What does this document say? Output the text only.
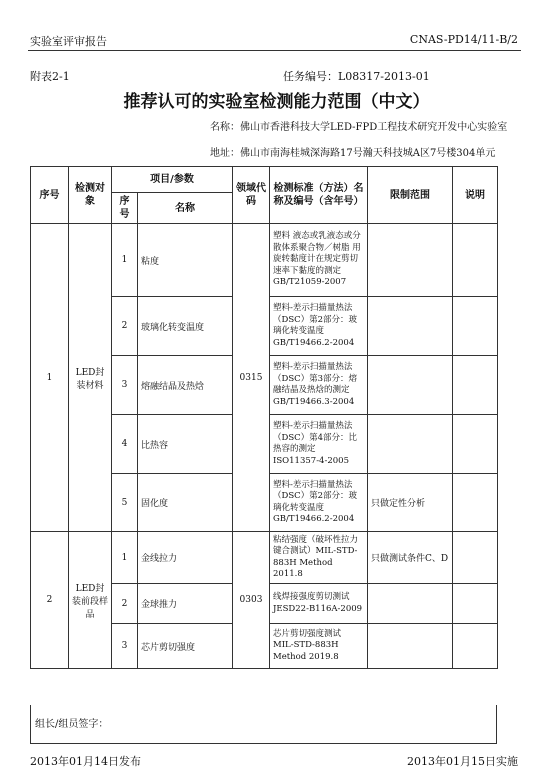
实验室评审报告	CNAS-PD14/11-B/2
附表2-1	任务编号：L08317-2013-01
推荐认可的实验室检测能力范围（中文）
名称：佛山市香港科技大学LED-FPD工程技术研究开发中心实验室
地址：佛山市南海桂城深海路17号瀚天科技城A区7号楼304单元
序号	检测对象	项目/参数		领域代码	检测标准（方法）名称及编号（含年号）	限制范围	说明
		序号	名称				
1	LED封装材料	1	粘度	0315	塑料 液态或乳液态或分散体系聚合物／树脂 用旋转黏度计在规定剪切速率下黏度的测定 GB/T21059-2007		
		2	玻璃化转变温度		塑料-差示扫描量热法（DSC）第2部分：玻璃化转变温度 GB/T19466.2-2004		
		3	熔融结晶及热焓		塑料-差示扫描量热法（DSC）第3部分：熔融结晶及热焓的测定 GB/T19466.3-2004		
		4	比热容		塑料-差示扫描量热法（DSC）第4部分：比热容的测定 ISO11357-4-2005		
		5	固化度		塑料-差示扫描量热法（DSC）第2部分：玻璃化转变温度 GB/T19466.2-2004	只做定性分析	
2	LED封装前段样品	1	金线拉力	0303	粘结强度（破坏性拉力键合测试）MIL-STD-883H Method 2011.8	只做测试条件C、D	
		2	金球推力		线焊接强度剪切测试 JESD22-B116A-2009		
		3	芯片剪切强度		芯片剪切强度测试 MIL-STD-883H Method 2019.8		
组长/组员签字：
2013年01月14日发布	2013年01月15日实施
